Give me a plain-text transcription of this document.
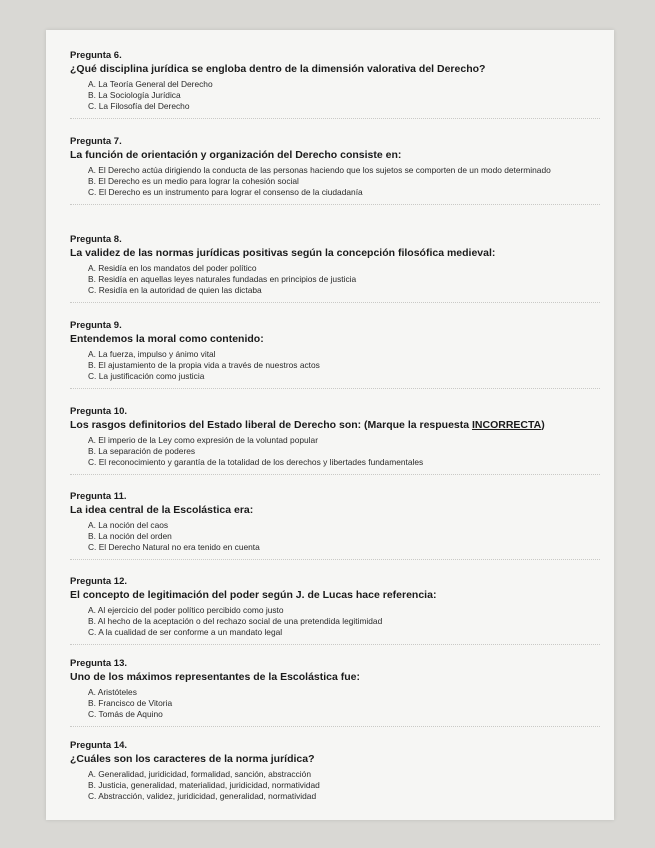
Pregunta 6.
¿Qué disciplina jurídica se engloba dentro de la dimensión valorativa del Derecho?
A. La Teoría General del Derecho
B. La Sociología Jurídica
C. La Filosofía del Derecho
Pregunta 7.
La función de orientación y organización del Derecho consiste en:
A. El Derecho actúa dirigiendo la conducta de las personas haciendo que los sujetos se comporten de un modo determinado
B. El Derecho es un medio para lograr la cohesión social
C. El Derecho es un instrumento para lograr el consenso de la ciudadanía
Pregunta 8.
La validez de las normas jurídicas positivas según la concepción filosófica medieval:
A. Residía en los mandatos del poder político
B. Residía en aquellas leyes naturales fundadas en principios de justicia
C. Residía en la autoridad de quien las dictaba
Pregunta 9.
Entendemos la moral como contenido:
A. La fuerza, impulso y ánimo vital
B. El ajustamiento de la propia vida a través de nuestros actos
C. La justificación como justicia
Pregunta 10.
Los rasgos definitorios del Estado liberal de Derecho son: (Marque la respuesta INCORRECTA)
A. El imperio de la Ley como expresión de la voluntad popular
B. La separación de poderes
C. El reconocimiento y garantía de la totalidad de los derechos y libertades fundamentales
Pregunta 11.
La idea central de la Escolástica era:
A. La noción del caos
B. La noción del orden
C. El Derecho Natural no era tenido en cuenta
Pregunta 12.
El concepto de legitimación del poder según J. de Lucas hace referencia:
A. Al ejercicio del poder político percibido como justo
B. Al hecho de la aceptación o del rechazo social de una pretendida legitimidad
C. A la cualidad de ser conforme a un mandato legal
Pregunta 13.
Uno de los máximos representantes de la Escolástica fue:
A. Aristóteles
B. Francisco de Vitoria
C. Tomás de Aquino
Pregunta 14.
¿Cuáles son los caracteres de la norma jurídica?
A. Generalidad, juridicidad, formalidad, sanción, abstracción
B. Justicia, generalidad, materialidad, juridicidad, normatividad
C. Abstracción, validez, juridicidad, generalidad, normatividad
